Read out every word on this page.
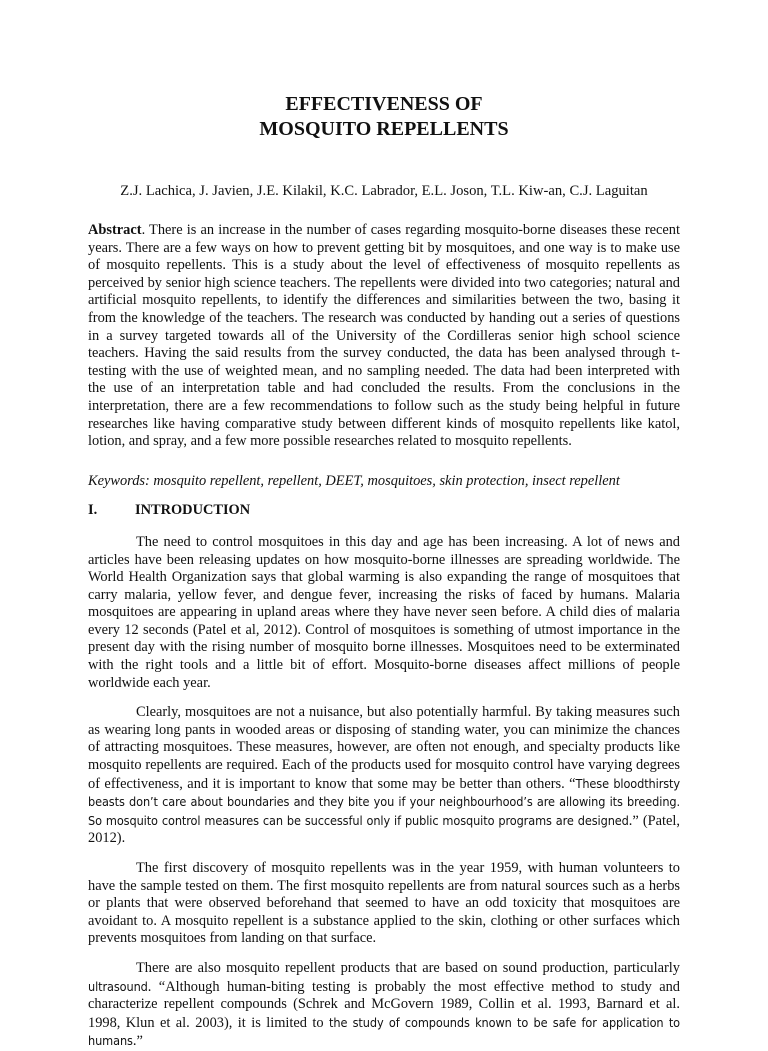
EFFECTIVENESS OF
MOSQUITO REPELLENTS
Z.J. Lachica, J. Javien, J.E. Kilakil, K.C. Labrador, E.L. Joson, T.L. Kiw-an, C.J. Laguitan

Abstract. There is an increase in the number of cases regarding mosquito-borne diseases these recent years. There are a few ways on how to prevent getting bit by mosquitoes, and one way is to make use of mosquito repellents. This is a study about the level of effectiveness of mosquito repellents as perceived by senior high science teachers. The repellents were divided into two categories; natural and artificial mosquito repellents, to identify the differences and similarities between the two, basing it from the knowledge of the teachers. The research was conducted by handing out a series of questions in a survey targeted towards all of the University of the Cordilleras senior high school science teachers. Having the said results from the survey conducted, the data has been analysed through t-testing with the use of weighted mean, and no sampling needed. The data had been interpreted with the use of an interpretation table and had concluded the results. From the conclusions in the interpretation, there are a few recommendations to follow such as the study being helpful in future researches like having comparative study between different kinds of mosquito repellents like katol, lotion, and spray, and a few more possible researches related to mosquito repellents.

Keywords: mosquito repellent, repellent, DEET, mosquitoes, skin protection, insect repellent

I.	INTRODUCTION

The need to control mosquitoes in this day and age has been increasing. A lot of news and articles have been releasing updates on how mosquito-borne illnesses are spreading worldwide. The World Health Organization says that global warming is also expanding the range of mosquitoes that carry malaria, yellow fever, and dengue fever, increasing the risks of faced by humans. Malaria mosquitoes are appearing in upland areas where they have never seen before. A child dies of malaria every 12 seconds (Patel et al, 2012). Control of mosquitoes is something of utmost importance in the present day with the rising number of mosquito borne illnesses. Mosquitoes need to be exterminated with the right tools and a little bit of effort. Mosquito-borne diseases affect millions of people worldwide each year.

Clearly, mosquitoes are not a nuisance, but also potentially harmful. By taking measures such as wearing long pants in wooded areas or disposing of standing water, you can minimize the chances of attracting mosquitoes. These measures, however, are often not enough, and specialty products like mosquito repellents are required. Each of the products used for mosquito control have varying degrees of effectiveness, and it is important to know that some may be better than others. “These bloodthirsty beasts don’t care about boundaries and they bite you if your neighbourhood’s are allowing its breeding. So mosquito control measures can be successful only if public mosquito programs are designed.” (Patel, 2012).

The first discovery of mosquito repellents was in the year 1959, with human volunteers to have the sample tested on them. The first mosquito repellents are from natural sources such as a herbs or plants that were observed beforehand that seemed to have an odd toxicity that mosquitoes are avoidant to. A mosquito repellent is a substance applied to the skin, clothing or other surfaces which prevents mosquitoes from landing on that surface.

There are also mosquito repellent products that are based on sound production, particularly ultrasound. “Although human-biting testing is probably the most effective method to study and characterize repellent compounds (Schrek and McGovern 1989, Collin et al. 1993, Barnard et al. 1998, Klun et al. 2003), it is limited to the study of compounds known to be safe for application to humans.”
